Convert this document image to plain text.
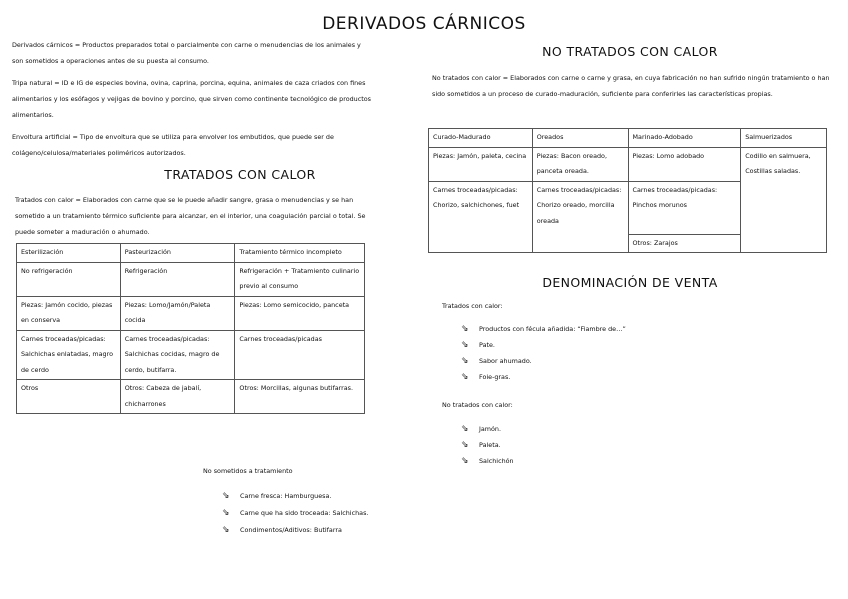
DERIVADOS CÁRNICOS

Derivados cárnicos = Productos preparados total o parcialmente con carne o menudencias de los animales y son sometidos a operaciones antes de su puesta al consumo.

Tripa natural = ID e IG de especies bovina, ovina, caprina, porcina, equina, animales de caza criados con fines alimentarios y los esófagos y vejigas de bovino y porcino, que sirven como continente tecnológico de productos alimentarios.

Envoltura artificial = Tipo de envoltura que se utiliza para envolver los embutidos, que puede ser de colágeno/celulosa/materiales poliméricos autorizados.

TRATADOS CON CALOR

Tratados con calor = Elaborados con carne que se le puede añadir sangre, grasa o menudencias y se han sometido a un tratamiento térmico suficiente para alcanzar, en el interior, una coagulación parcial o total. Se puede someter a maduración o ahumado.

Esterilización	Pasteurización	Tratamiento térmico incompleto
No refrigeración	Refrigeración	Refrigeración + Tratamiento culinario previo al consumo
Piezas: Jamón cocido, piezas en conserva	Piezas: Lomo/Jamón/Paleta cocida	Piezas: Lomo semicocido, panceta
Carnes troceadas/picadas: Salchichas enlatadas, magro de cerdo	Carnes troceadas/picadas: Salchichas cocidas, magro de cerdo, butifarra.	Carnes troceadas/picadas
Otros	Otros: Cabeza de jabalí, chicharrones	Otros: Morcillas, algunas butifarras.
No sometidos a tratamiento
⇘	Carne fresca: Hamburguesa.
⇘	Carne que ha sido troceada: Salchichas.
⇘	Condimentos/Aditivos: Butifarra
NO TRATADOS CON CALOR

No tratados con calor = Elaborados con carne o carne y grasa, en cuya fabricación no han sufrido ningún tratamiento o han sido sometidos a un proceso de curado-maduración, suficiente para conferirles las características propias.

Curado-Madurado	Oreados	Marinado-Adobado	Salmuerizados
Piezas: Jamón, paleta, cecina	Piezas: Bacon oreado, panceta oreada.	Piezas: Lomo adobado	Codillo en salmuera, Costillas saladas.
Carnes troceadas/picadas: Chorizo, salchichones, fuet	Carnes troceadas/picadas: Chorizo oreado, morcilla oreada	Carnes troceadas/picadas: Pinchos morunos	
		Otros: Zarajos	
DENOMINACIÓN DE VENTA
Tratados con calor:
⇘	Productos con fécula añadida: “Fiambre de…”
⇘	Pate.
⇘	Sabor ahumado.
⇘	Foie-gras.
No tratados con calor:
⇘	Jamón.
⇘	Paleta.
⇘	Salchichón
